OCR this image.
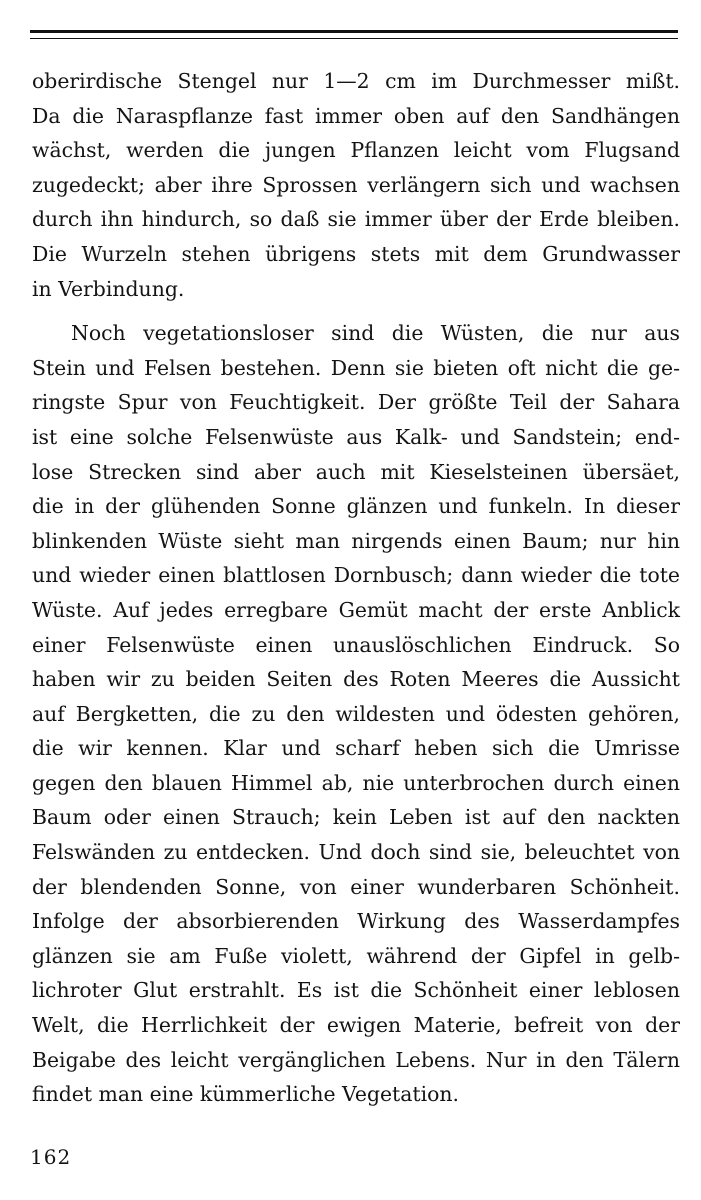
oberirdische Stengel nur 1—2 cm im Durchmesser mißt.
Da die Naraspflanze fast immer oben auf den Sandhängen
wächst, werden die jungen Pflanzen leicht vom Flugsand
zugedeckt; aber ihre Sprossen verlängern sich und wachsen
durch ihn hindurch, so daß sie immer über der Erde bleiben.
Die Wurzeln stehen übrigens stets mit dem Grundwasser
in Verbindung.
Noch vegetationsloser sind die Wüsten, die nur aus
Stein und Felsen bestehen. Denn sie bieten oft nicht die ge-
ringste Spur von Feuchtigkeit. Der größte Teil der Sahara
ist eine solche Felsenwüste aus Kalk- und Sandstein; end-
lose Strecken sind aber auch mit Kieselsteinen übersäet,
die in der glühenden Sonne glänzen und funkeln. In dieser
blinkenden Wüste sieht man nirgends einen Baum; nur hin
und wieder einen blattlosen Dornbusch; dann wieder die tote
Wüste. Auf jedes erregbare Gemüt macht der erste Anblick
einer Felsenwüste einen unauslöschlichen Eindruck. So
haben wir zu beiden Seiten des Roten Meeres die Aussicht
auf Bergketten, die zu den wildesten und ödesten gehören,
die wir kennen. Klar und scharf heben sich die Umrisse
gegen den blauen Himmel ab, nie unterbrochen durch einen
Baum oder einen Strauch; kein Leben ist auf den nackten
Felswänden zu entdecken. Und doch sind sie, beleuchtet von
der blendenden Sonne, von einer wunderbaren Schönheit.
Infolge der absorbierenden Wirkung des Wasserdampfes
glänzen sie am Fuße violett, während der Gipfel in gelb-
lichroter Glut erstrahlt. Es ist die Schönheit einer leblosen
Welt, die Herrlichkeit der ewigen Materie, befreit von der
Beigabe des leicht vergänglichen Lebens. Nur in den Tälern
findet man eine kümmerliche Vegetation.
162
